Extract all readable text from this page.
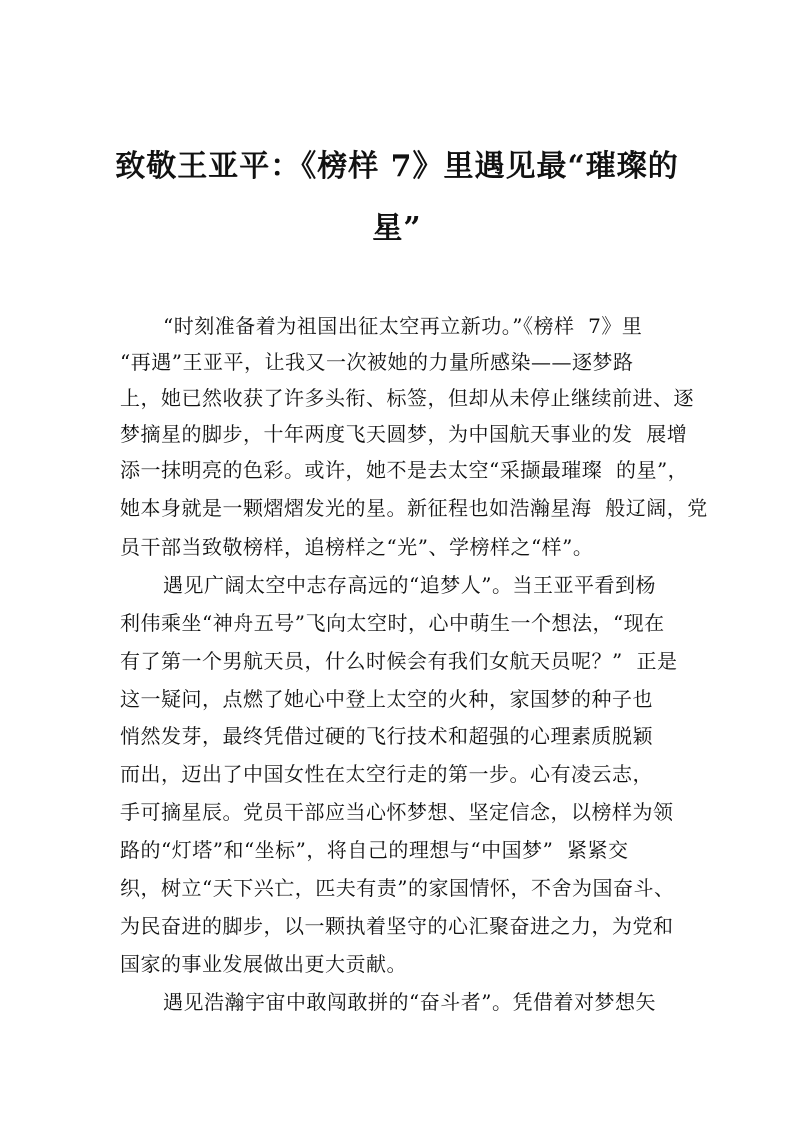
致敬王亚平：《榜样 7》里遇见最“璀璨的
星”
“时刻准备着为祖国出征太空再立新功。”《榜样  7》里
“再遇”王亚平，让我又一次被她的力量所感染——逐梦路
上，她已然收获了许多头衔、标签，但却从未停止继续前进、逐
梦摘星的脚步，十年两度飞天圆梦，为中国航天事业的发  展增
添一抹明亮的色彩。或许，她不是去太空“采撷最璀璨  的星”，
她本身就是一颗熠熠发光的星。新征程也如浩瀚星海  般辽阔，党
员干部当致敬榜样，追榜样之“光”、学榜样之“样”。
遇见广阔太空中志存高远的“追梦人”。当王亚平看到杨
利伟乘坐“神舟五号”飞向太空时，心中萌生一个想法，“现在
有了第一个男航天员，什么时候会有我们女航天员呢？”  正是
这一疑问，点燃了她心中登上太空的火种，家国梦的种子也
悄然发芽，最终凭借过硬的飞行技术和超强的心理素质脱颖
而出，迈出了中国女性在太空行走的第一步。心有凌云志，
手可摘星辰。党员干部应当心怀梦想、坚定信念，以榜样为领
路的“灯塔”和“坐标”，将自己的理想与“中国梦”  紧紧交
织，树立“天下兴亡，匹夫有责”的家国情怀，不舍为国奋斗、
为民奋进的脚步，以一颗执着坚守的心汇聚奋进之力，为党和
国家的事业发展做出更大贡献。
遇见浩瀚宇宙中敢闯敢拼的“奋斗者”。凭借着对梦想矢
